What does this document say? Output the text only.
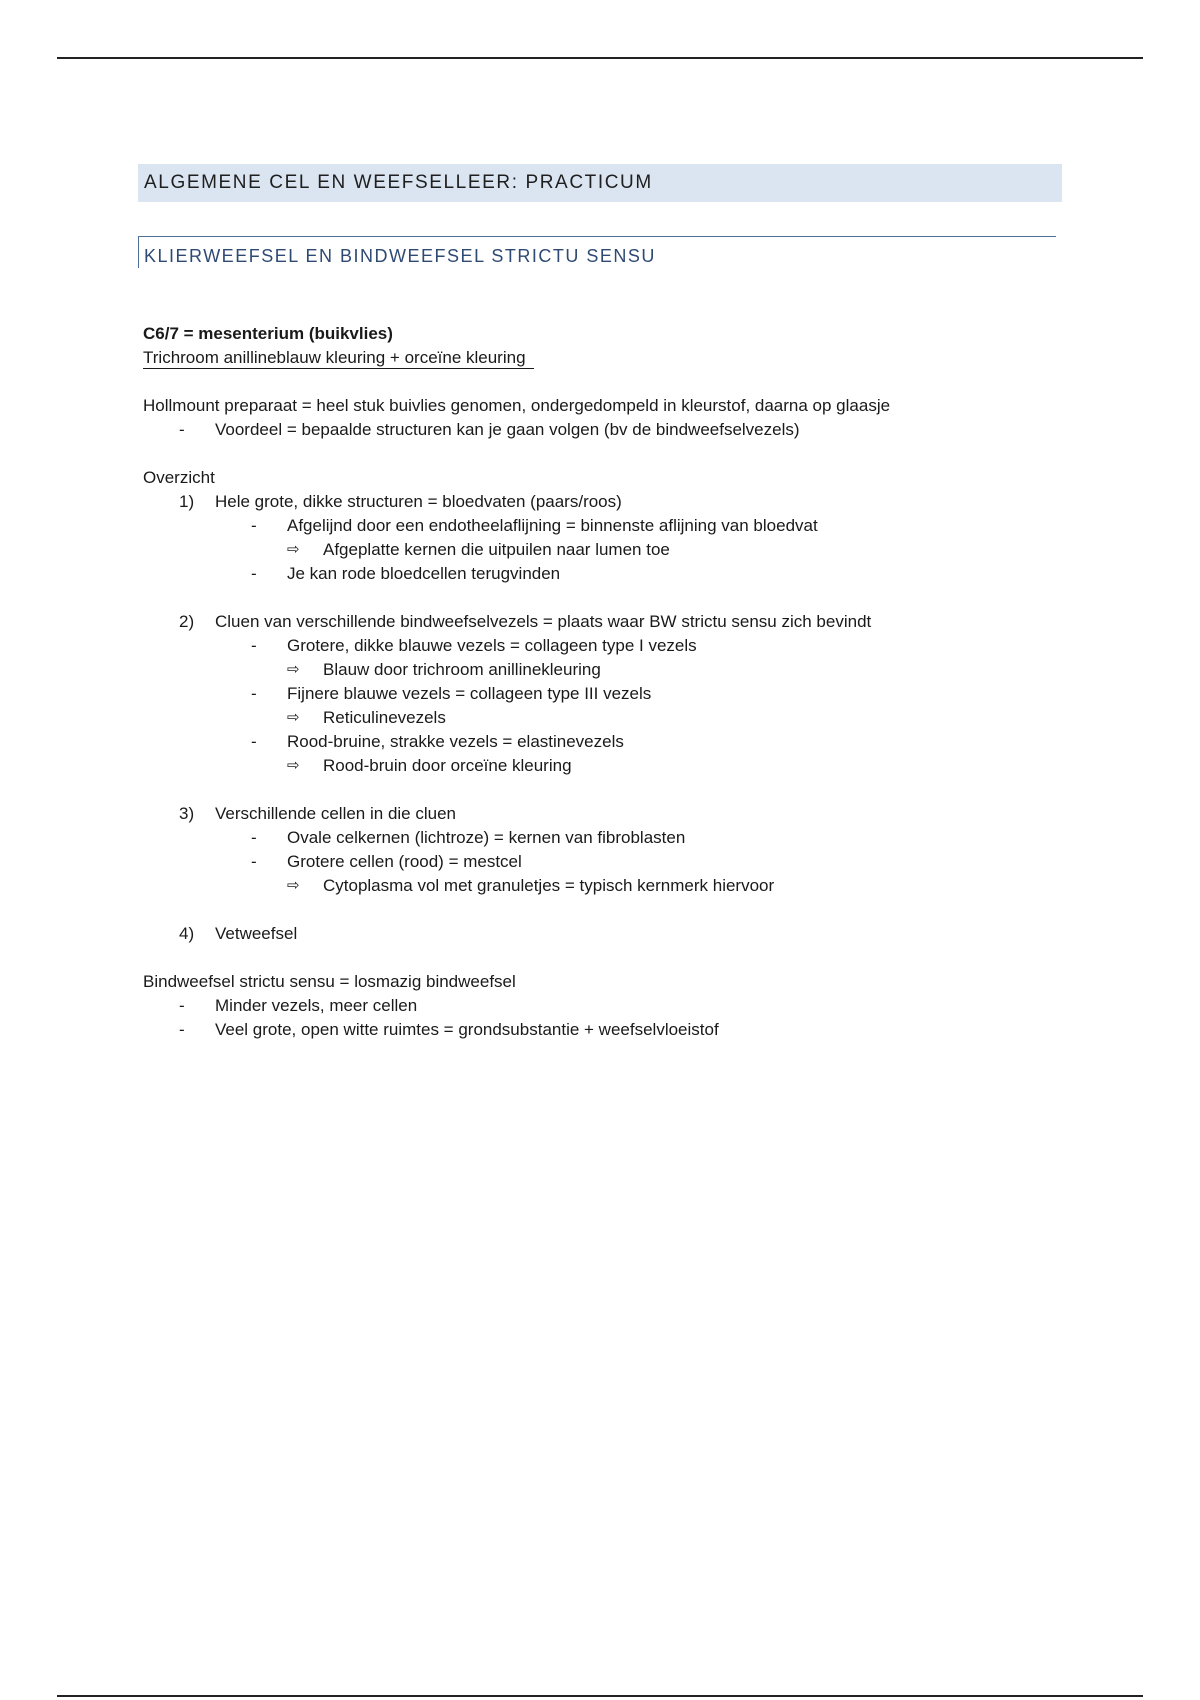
ALGEMENE CEL EN WEEFSELLEER: PRACTICUM
KLIERWEEFSEL EN BINDWEEFSEL STRICTU SENSU
C6/7 = mesenterium (buikvlies)
Trichroom anillineblauw kleuring + orceïne kleuring
Hollmount preparaat = heel stuk buivlies genomen, ondergedompeld in kleurstof, daarna op glaasje
- Voordeel = bepaalde structuren kan je gaan volgen (bv de bindweefselvezels)
Overzicht
1) Hele grote, dikke structuren = bloedvaten (paars/roos)
- Afgelijnd door een endotheelaflijning = binnenste aflijning van bloedvat
⇨ Afgeplatte kernen die uitpuilen naar lumen toe
- Je kan rode bloedcellen terugvinden
2) Cluen van verschillende bindweefselvezels = plaats waar BW strictu sensu zich bevindt
- Grotere, dikke blauwe vezels = collageen type I vezels
⇨ Blauw door trichroom anillinekleuring
- Fijnere blauwe vezels = collageen type III vezels
⇨ Reticulinevezels
- Rood-bruine, strakke vezels = elastinevezels
⇨ Rood-bruin door orceïne kleuring
3) Verschillende cellen in die cluen
- Ovale celkernen (lichtroze) = kernen van fibroblasten
- Grotere cellen (rood) = mestcel
⇨ Cytoplasma vol met granuletjes = typisch kernmerk hiervoor
4) Vetweefsel
Bindweefsel strictu sensu = losmazig bindweefsel
- Minder vezels, meer cellen
- Veel grote, open witte ruimtes = grondsubstantie + weefselvloeistof
